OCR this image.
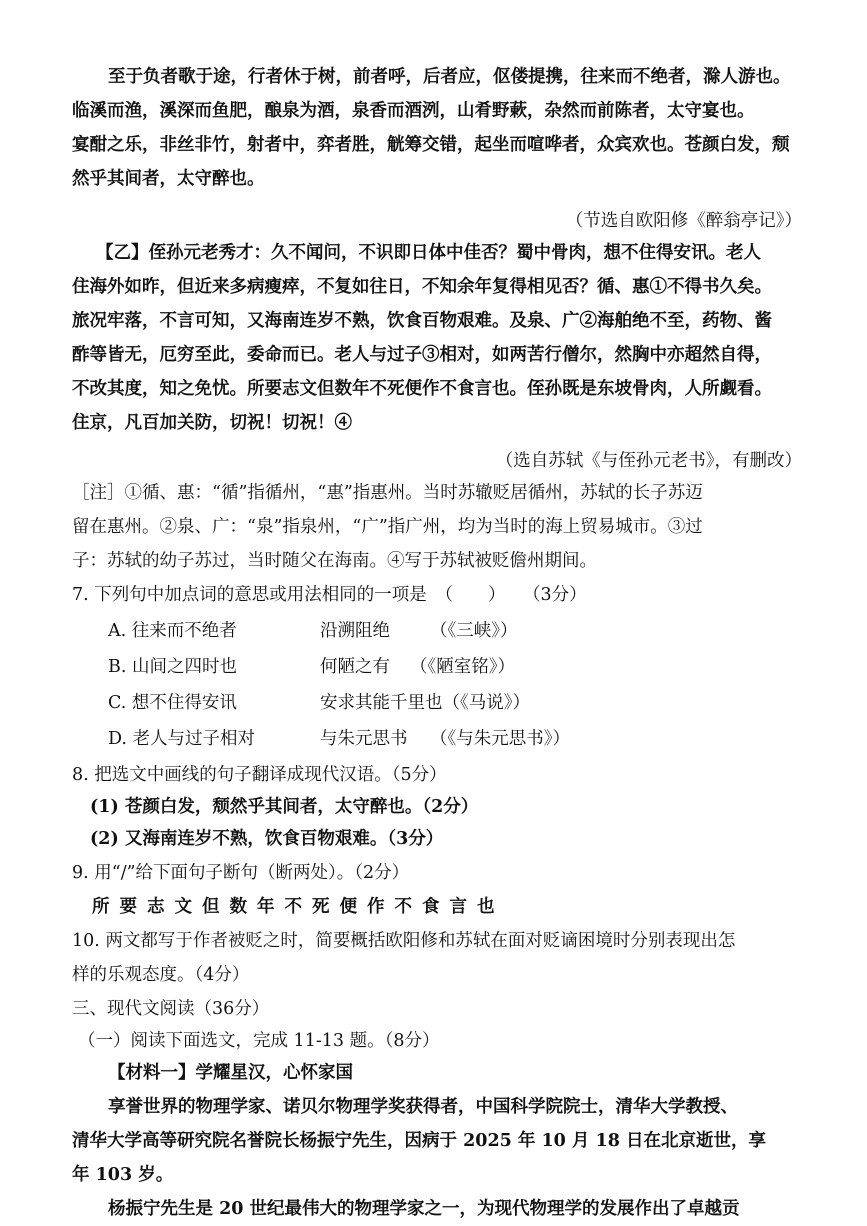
至于负者歌于途，行者休于树，前者呼，后者应，伛偻提携，往来而不绝者，滁人游也。
临溪而渔，溪深而鱼肥，酿泉为酒，泉香而酒洌，山肴野蔌，杂然而前陈者，太守宴也。
宴酣之乐，非丝非竹，射者中，弈者胜，觥筹交错，起坐而喧哗者，众宾欢也。苍颜白发，颓
然乎其间者，太守醉也。
（节选自欧阳修《醉翁亭记》）
【乙】侄孙元老秀才：久不闻问，不识即日体中佳否？蜀中骨肉，想不住得安讯。老人
住海外如昨，但近来多病瘦瘁，不复如往日，不知余年复得相见否？循、惠①不得书久矣。
旅况牢落，不言可知，又海南连岁不熟，饮食百物艰难。及泉、广②海舶绝不至，药物、酱
酢等皆无，厄穷至此，委命而已。老人与过子③相对，如两苦行僧尔，然胸中亦超然自得，
不改其度，知之免忧。所要志文但数年不死便作不食言也。侄孙既是东坡骨肉，人所觑看。
住京，凡百加关防，切祝！切祝！④
（选自苏轼《与侄孙元老书》，有删改）
［注］①循、惠：“循”指循州，“惠”指惠州。当时苏辙贬居循州，苏轼的长子苏迈
留在惠州。②泉、广：“泉”指泉州，“广”指广州，均为当时的海上贸易城市。③过
子：苏轼的幼子苏过，当时随父在海南。④写于苏轼被贬儋州期间。
7. 下列句中加点词的意思或用法相同的一项是　（　　）　　（3分）
A. 往来而不绝者	沿溯阻绝 （《三峡》）
B. 山间之四时也	何陋之有 （《陋室铭》）
C. 想不住得安讯	安求其能千里也（《马说》）
D. 老人与过子相对	与朱元思书 （《与朱元思书》）
8. 把选文中画线的句子翻译成现代汉语。（5分）
(1) 苍颜白发，颓然乎其间者，太守醉也。（2分）
(2) 又海南连岁不熟，饮食百物艰难。（3分）
9. 用“/”给下面句子断句（断两处）。（2分）
所要志文但数年不死便作不食言也
10. 两文都写于作者被贬之时，简要概括欧阳修和苏轼在面对贬谪困境时分别表现出怎
样的乐观态度。（4分）
三、现代文阅读（36分）
（一）阅读下面选文，完成 11-13 题。（8分）
【材料一】学耀星汉，心怀家国
享誉世界的物理学家、诺贝尔物理学奖获得者，中国科学院院士，清华大学教授、
清华大学高等研究院名誉院长杨振宁先生，因病于 2025 年 10 月 18 日在北京逝世，享
年 103 岁。
杨振宁先生是 20 世纪最伟大的物理学家之一，为现代物理学的发展作出了卓越贡
